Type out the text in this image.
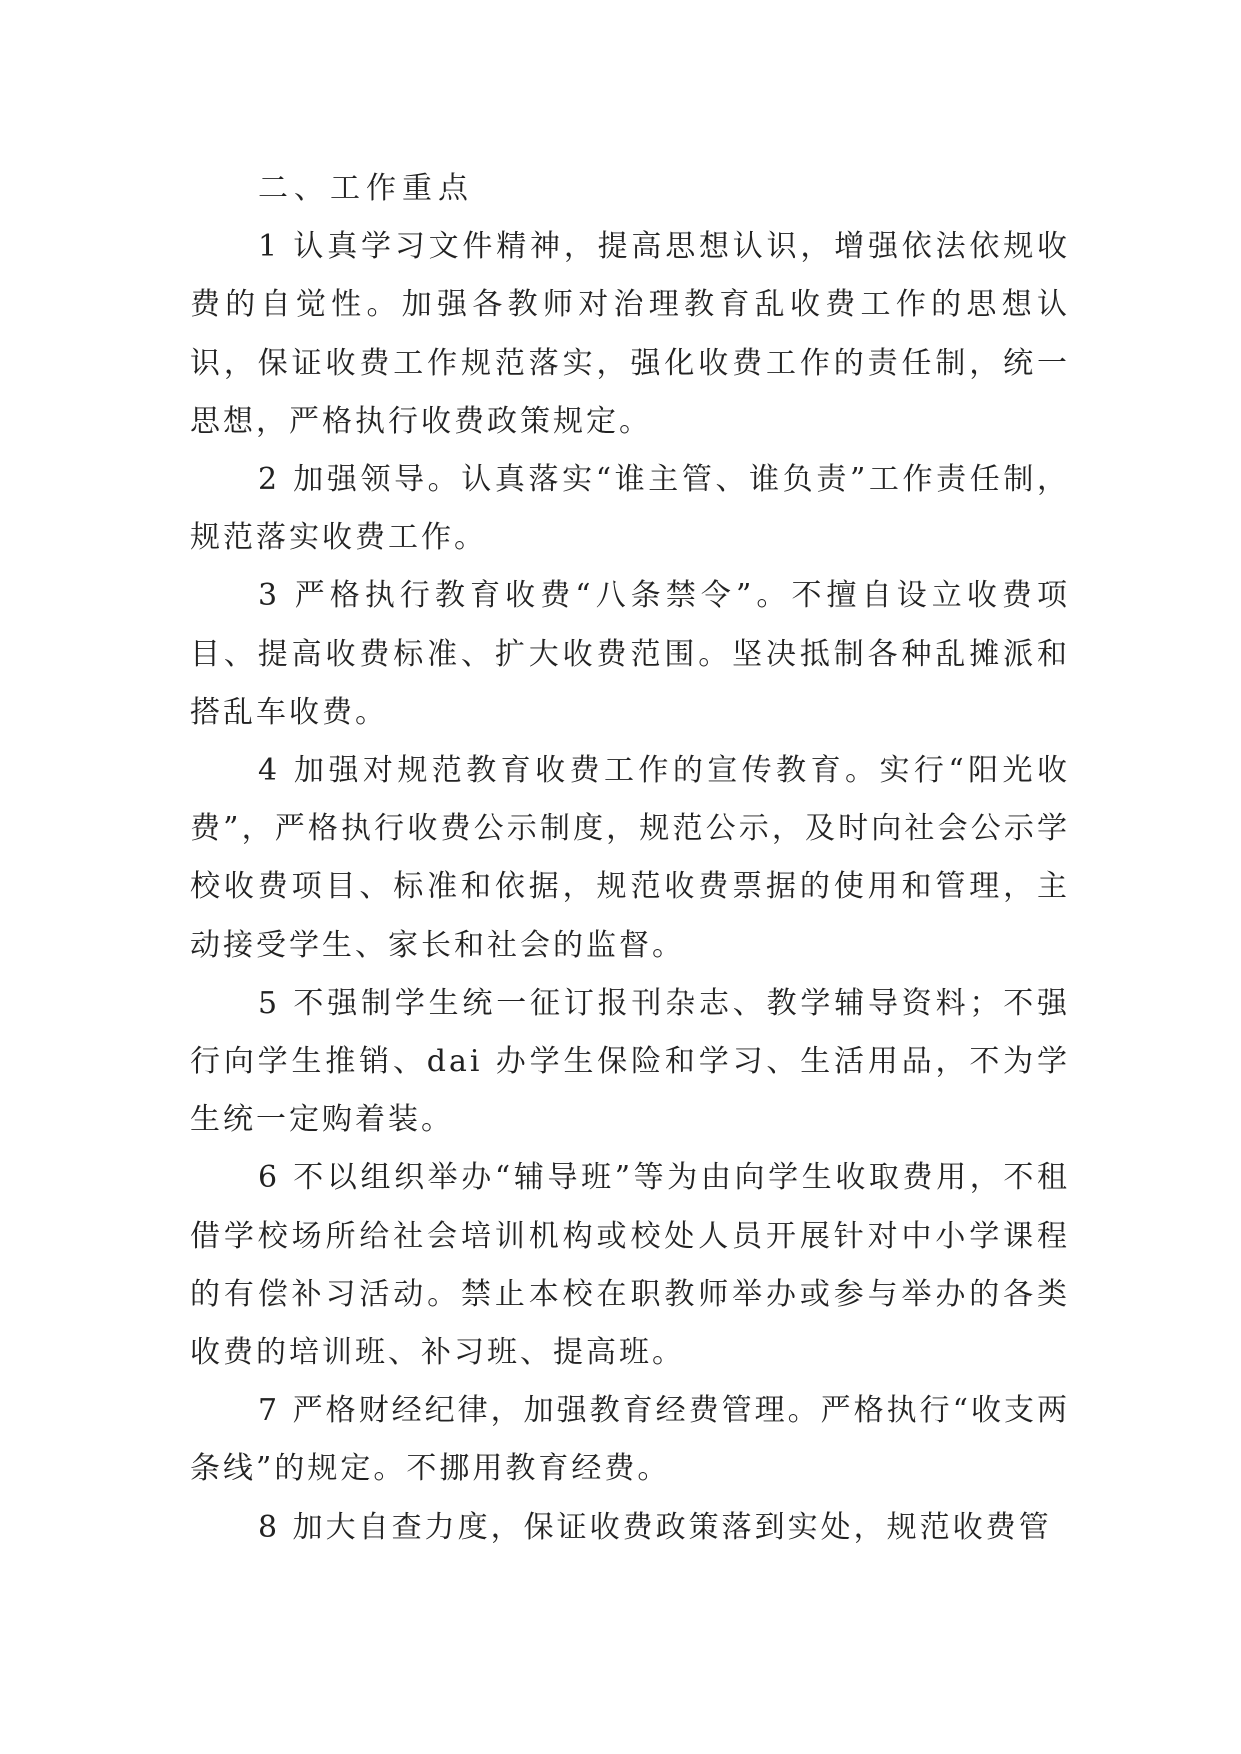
二、工作重点

1 认真学习文件精神，提高思想认识，增强依法依规收费的自觉性。加强各教师对治理教育乱收费工作的思想认识，保证收费工作规范落实，强化收费工作的责任制，统一思想，严格执行收费政策规定。

2 加强领导。认真落实“谁主管、谁负责”工作责任制，规范落实收费工作。

3 严格执行教育收费“八条禁令”。不擅自设立收费项目、提高收费标准、扩大收费范围。坚决抵制各种乱摊派和搭乱车收费。

4 加强对规范教育收费工作的宣传教育。实行“阳光收费”，严格执行收费公示制度，规范公示，及时向社会公示学校收费项目、标准和依据，规范收费票据的使用和管理，主动接受学生、家长和社会的监督。

5 不强制学生统一征订报刊杂志、教学辅导资料；不强行向学生推销、dai 办学生保险和学习、生活用品，不为学生统一定购着装。

6 不以组织举办“辅导班”等为由向学生收取费用，不租借学校场所给社会培训机构或校处人员开展针对中小学课程的有偿补习活动。禁止本校在职教师举办或参与举办的各类收费的培训班、补习班、提高班。

7 严格财经纪律，加强教育经费管理。严格执行“收支两条线”的规定。不挪用教育经费。

8 加大自查力度，保证收费政策落到实处，规范收费管
